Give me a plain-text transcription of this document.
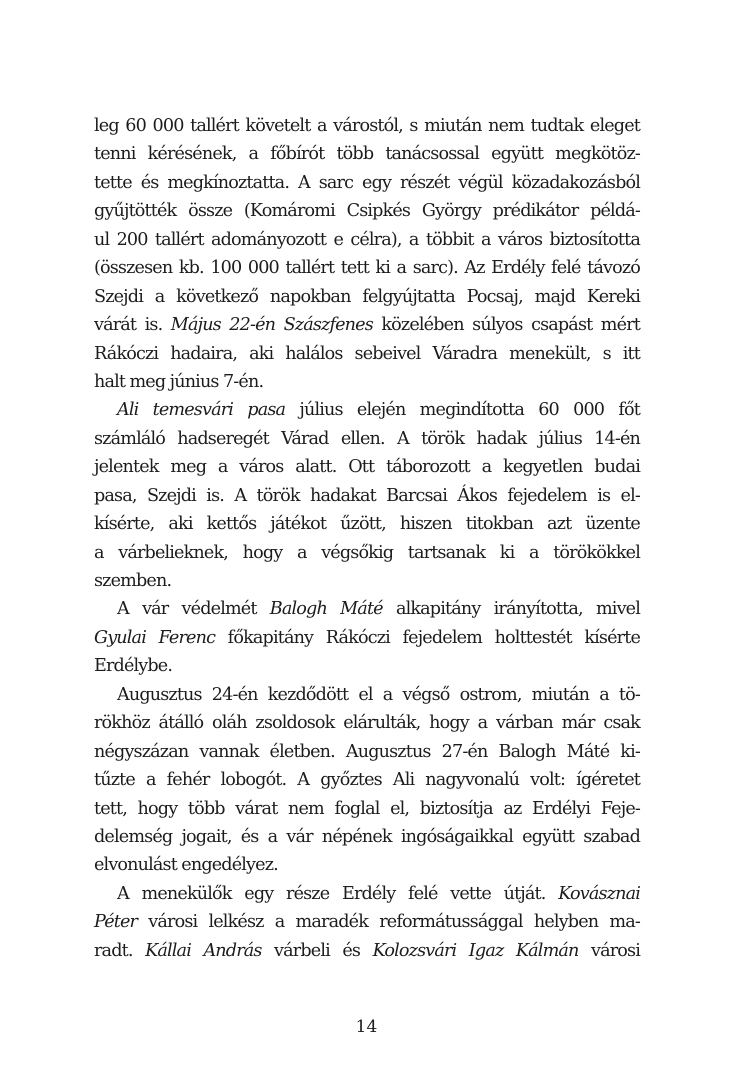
leg 60 000 tallért követelt a várostól, s miután nem tudtak eleget
tenni kérésének, a főbírót több tanácsossal együtt megkötöz-
tette és megkínoztatta. A sarc egy részét végül közadakozásból
gyűjtötték össze (Komáromi Csipkés György prédikátor példá-
ul 200 tallért adományozott e célra), a többit a város biztosította
(összesen kb. 100 000 tallért tett ki a sarc). Az Erdély felé távozó
Szejdi a következő napokban felgyújtatta Pocsaj, majd Kereki
várát is. Május 22-én Szászfenes közelében súlyos csapást mért
Rákóczi hadaira, aki halálos sebeivel Váradra menekült, s itt
halt meg június 7-én.
Ali temesvári pasa július elején megindította 60 000 főt
számláló hadseregét Várad ellen. A török hadak július 14-én
jelentek meg a város alatt. Ott táborozott a kegyetlen budai
pasa, Szejdi is. A török hadakat Barcsai Ákos fejedelem is el-
kísérte, aki kettős játékot űzött, hiszen titokban azt üzente
a várbelieknek, hogy a végsőkig tartsanak ki a törökökkel
szemben.
A vár védelmét Balogh Máté alkapitány irányította, mivel
Gyulai Ferenc főkapitány Rákóczi fejedelem holttestét kísérte
Erdélybe.
Augusztus 24-én kezdődött el a végső ostrom, miután a tö-
rökhöz átálló oláh zsoldosok elárulták, hogy a várban már csak
négyszázan vannak életben. Augusztus 27-én Balogh Máté ki-
tűzte a fehér lobogót. A győztes Ali nagyvonalú volt: ígéretet
tett, hogy több várat nem foglal el, biztosítja az Erdélyi Feje-
delemség jogait, és a vár népének ingóságaikkal együtt szabad
elvonulást engedélyez.
A menekülők egy része Erdély felé vette útját. Kovásznai
Péter városi lelkész a maradék reformátussággal helyben ma-
radt. Kállai András várbeli és Kolozsvári Igaz Kálmán városi
14
